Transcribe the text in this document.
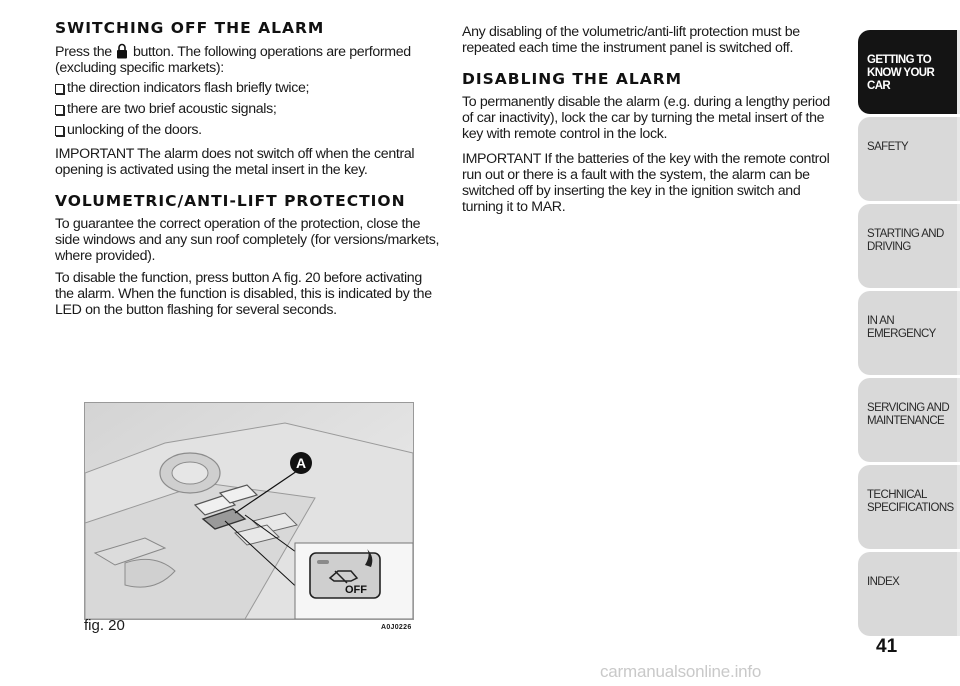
SWITCHING OFF THE ALARM

Press the button. The following operations are performed (excluding specific markets):

the direction indicators flash briefly twice;
there are two brief acoustic signals;
unlocking of the doors.

IMPORTANT The alarm does not switch off when the central opening is activated using the metal insert in the key.

VOLUMETRIC/ANTI-LIFT PROTECTION

To guarantee the correct operation of the protection, close the side windows and any sun roof completely (for versions/markets, where provided).

To disable the function, press button A fig. 20 before activating the alarm. When the function is disabled, this is indicated by the LED on the button flashing for several seconds.

Any disabling of the volumetric/anti-lift protection must be repeated each time the instrument panel is switched off.

DISABLING THE ALARM

To permanently disable the alarm (e.g. during a lengthy period of car inactivity), lock the car by turning the metal insert of the key with remote control in the lock.

IMPORTANT If the batteries of the key with the remote control run out or there is a fault with the system, the alarm can be switched off by inserting the key in the ignition switch and turning it to MAR.

A
OFF
fig. 20	A0J0226
GETTING TO
KNOW YOUR CAR
SAFETY
STARTING AND
DRIVING
IN AN EMERGENCY
SERVICING AND
MAINTENANCE
TECHNICAL
SPECIFICATIONS
INDEX
41
carmanualsonline.info
